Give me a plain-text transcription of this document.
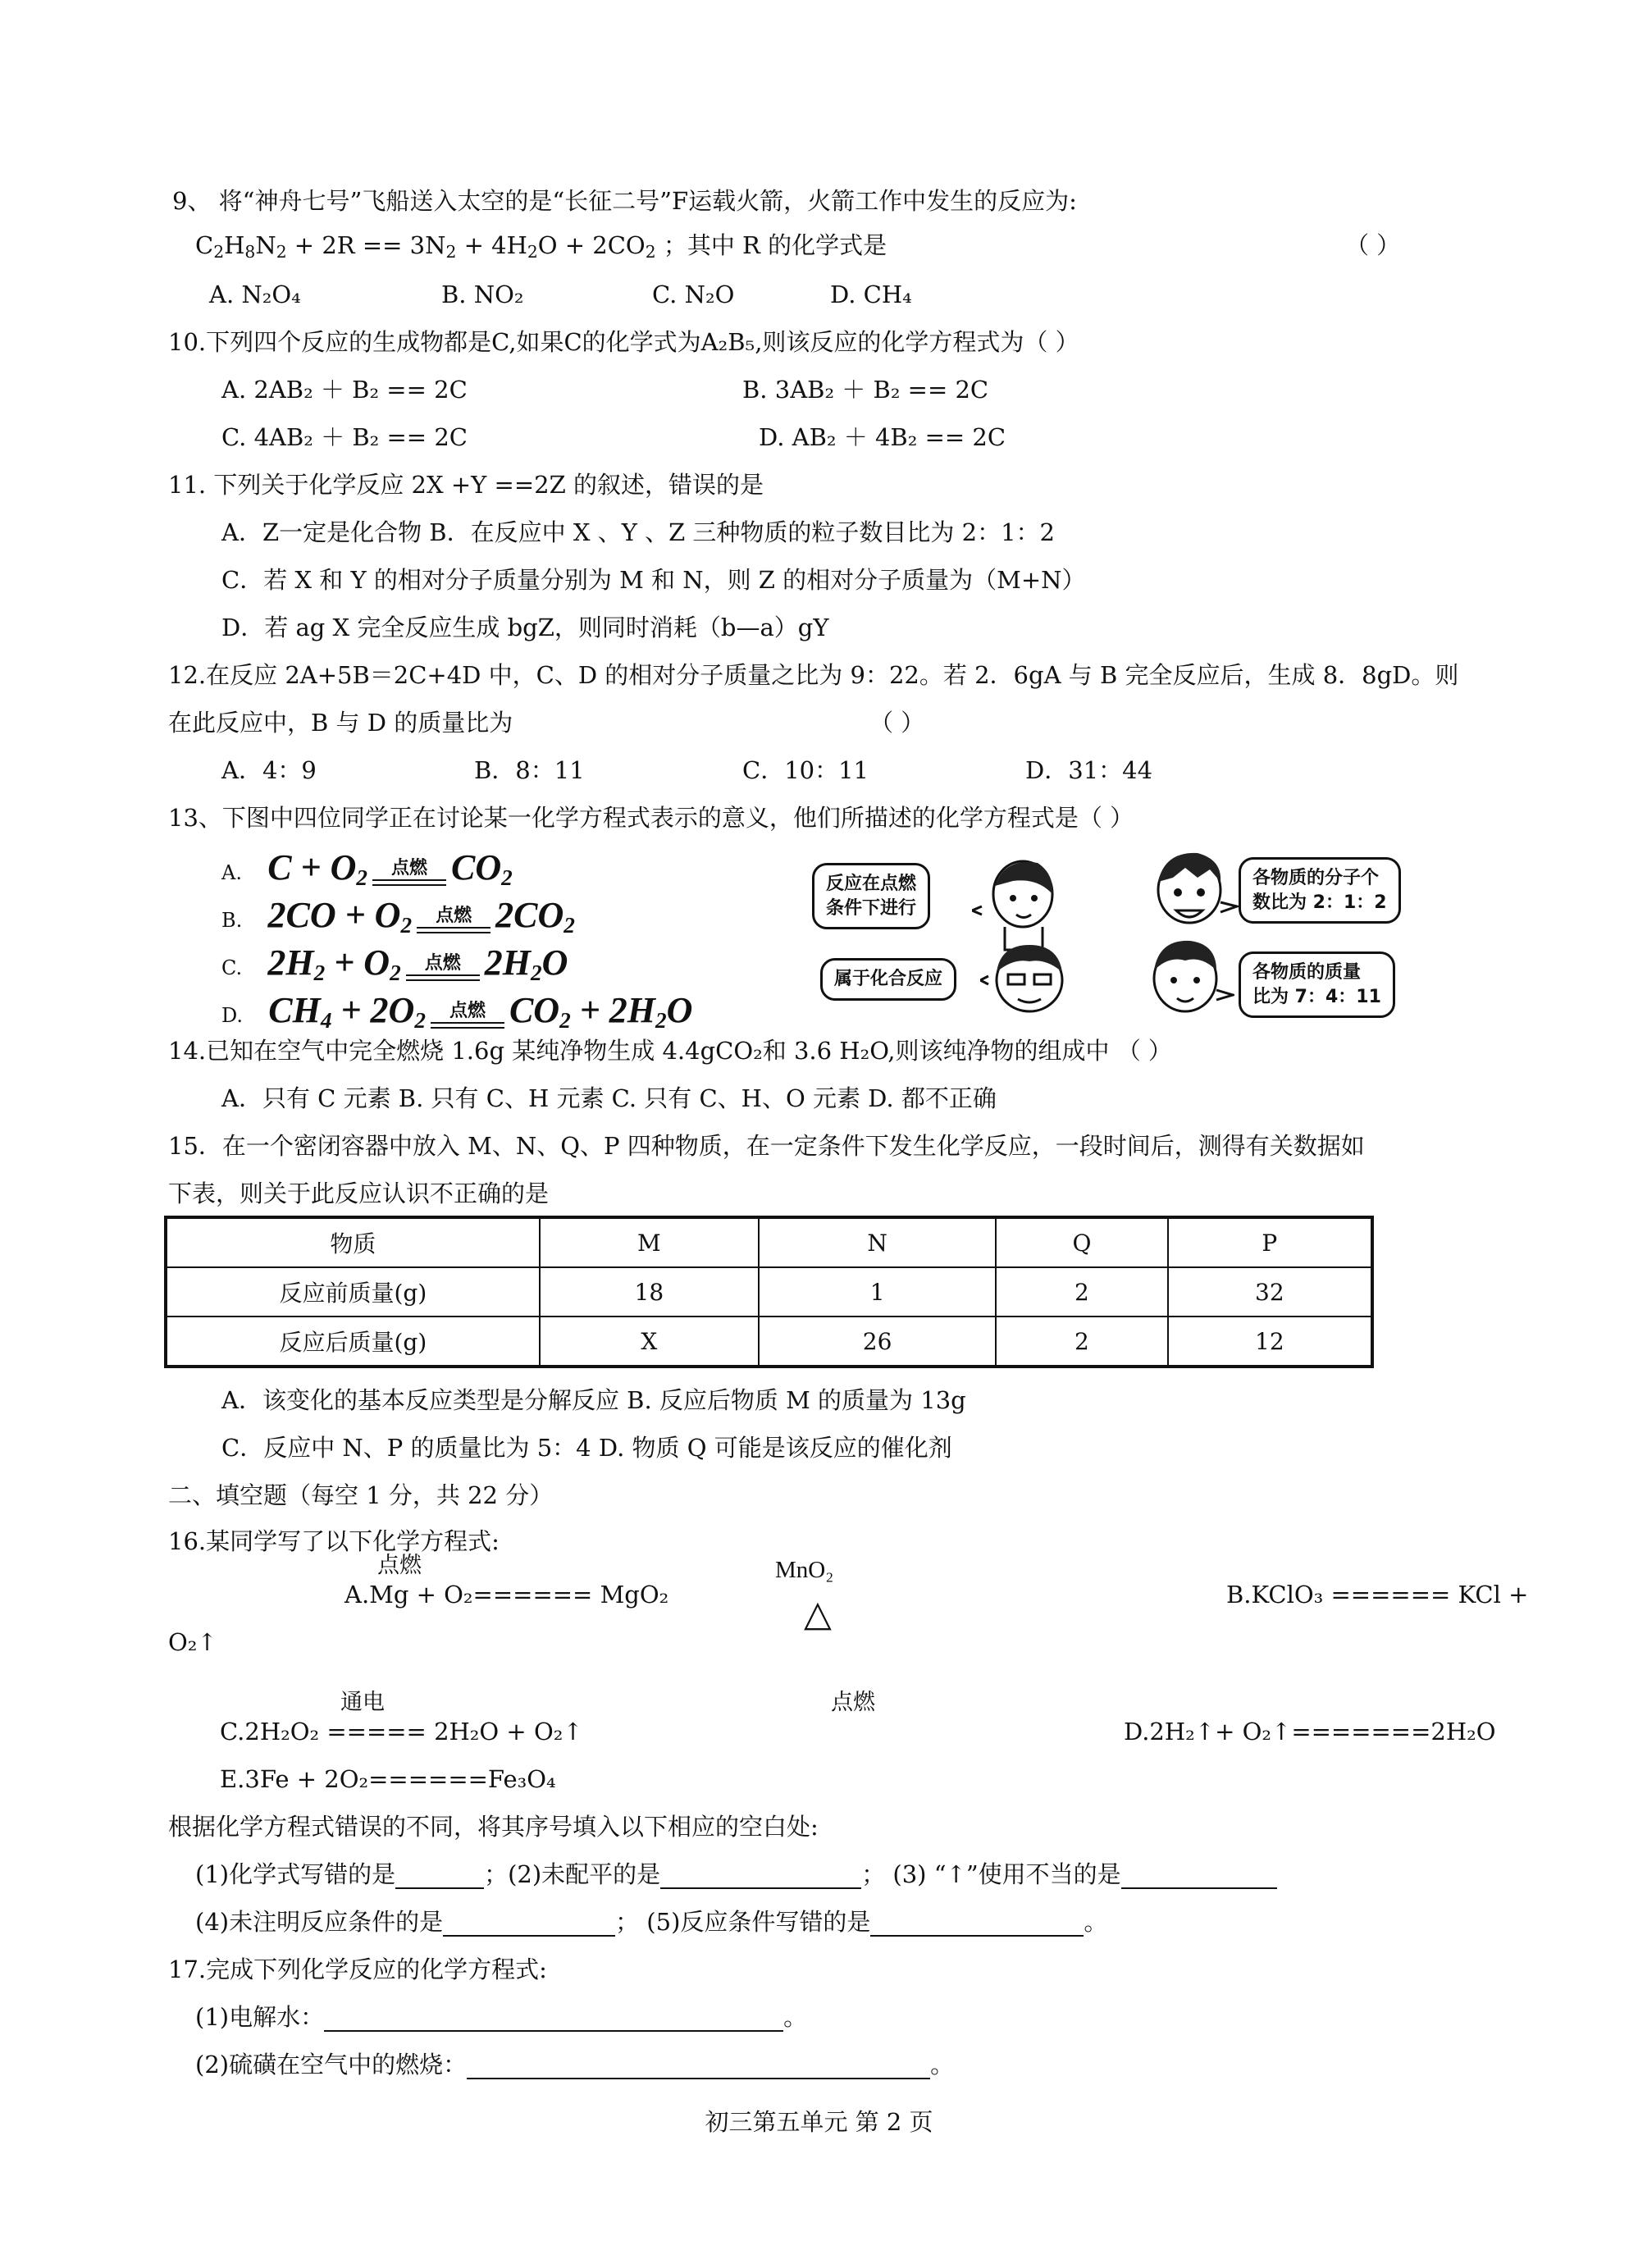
9、 将“神舟七号”飞船送入太空的是“长征二号”F运载火箭，火箭工作中发生的反应为:
$C_2H_8N_2 + 2R == 3N_2 + 4H_2O + 2CO_2$ ；其中 R 的化学式是	（ ）
A. N₂O₄	B. NO₂	C. N₂O	D. CH₄
10.下列四个反应的生成物都是C,如果C的化学式为A₂B₅,则该反应的化学方程式为（ ）
A. 2AB₂ ＋ B₂ == 2C	B. 3AB₂ ＋ B₂ == 2C
C. 4AB₂ ＋ B₂ == 2C	D. AB₂ ＋ 4B₂ == 2C
11. 下列关于化学反应 2X +Y ==2Z 的叙述，错误的是
A．Z一定是化合物 B．在反应中 X 、Y 、Z 三种物质的粒子数目比为 2：1：2
C．若 X 和 Y 的相对分子质量分别为 M 和 N，则 Z 的相对分子质量为（M+N）
D．若 ag X 完全反应生成 bgZ，则同时消耗（b—a）gY
12.在反应 2A+5B＝2C+4D 中，C、D 的相对分子质量之比为 9：22。若 2．6gA 与 B 完全反应后，生成 8．8gD。则
在此反应中，B 与 D 的质量比为	（ ）
A．4：9	B．8：11	C．10：11	D．31：44
13、下图中四位同学正在讨论某一化学方程式表示的意义，他们所描述的化学方程式是（ ）
A. $C + O_2$ 点燃 $CO_2$
B. $2CO + O_2$ 点燃 $2CO_2$
C. $2H_2 + O_2$ 点燃 $2H_2O$
D. $CH_4 + 2O_2$ 点燃 $CO_2 + 2H_2O$
反应在点燃
条件下进行
各物质的分子个
数比为 2：1：2
属于化合反应	各物质的质量
比为 7：4：11
14.已知在空气中完全燃烧 1.6g 某纯净物生成 4.4gCO₂和 3.6 H₂O,则该纯净物的组成中 （ ）
A．只有 C 元素 B. 只有 C、H 元素 C. 只有 C、H、O 元素 D. 都不正确
15．在一个密闭容器中放入 M、N、Q、P 四种物质，在一定条件下发生化学反应，一段时间后，测得有关数据如
下表，则关于此反应认识不正确的是
物质	M	N	Q	P
反应前质量(g)	18	1	2	32
反应后质量(g)	X	26	2	12
A．该变化的基本反应类型是分解反应 B. 反应后物质 M 的质量为 13g
C．反应中 N、P 的质量比为 5：4 D. 物质 Q 可能是该反应的催化剂
二、填空题（每空 1 分，共 22 分）
16.某同学写了以下化学方程式:
点燃	MnO₂
A.Mg + O₂====== MgO₂	B.KClO₃ ====== KCl +
△
O₂↑
通电	点燃
C.2H₂O₂ ===== 2H₂O + O₂↑	D.2H₂↑+ O₂↑=======2H₂O
E.3Fe + 2O₂======Fe₃O₄
根据化学方程式错误的不同，将其序号填入以下相应的空白处:
(1)化学式写错的是	；(2)未配平的是	； (3) “↑”使用不当的是
(4)未注明反应条件的是	； (5)反应条件写错的是	。
17.完成下列化学反应的化学方程式:
(1)电解水：	。
(2)硫磺在空气中的燃烧：	。
初三第五单元 第 2 页
